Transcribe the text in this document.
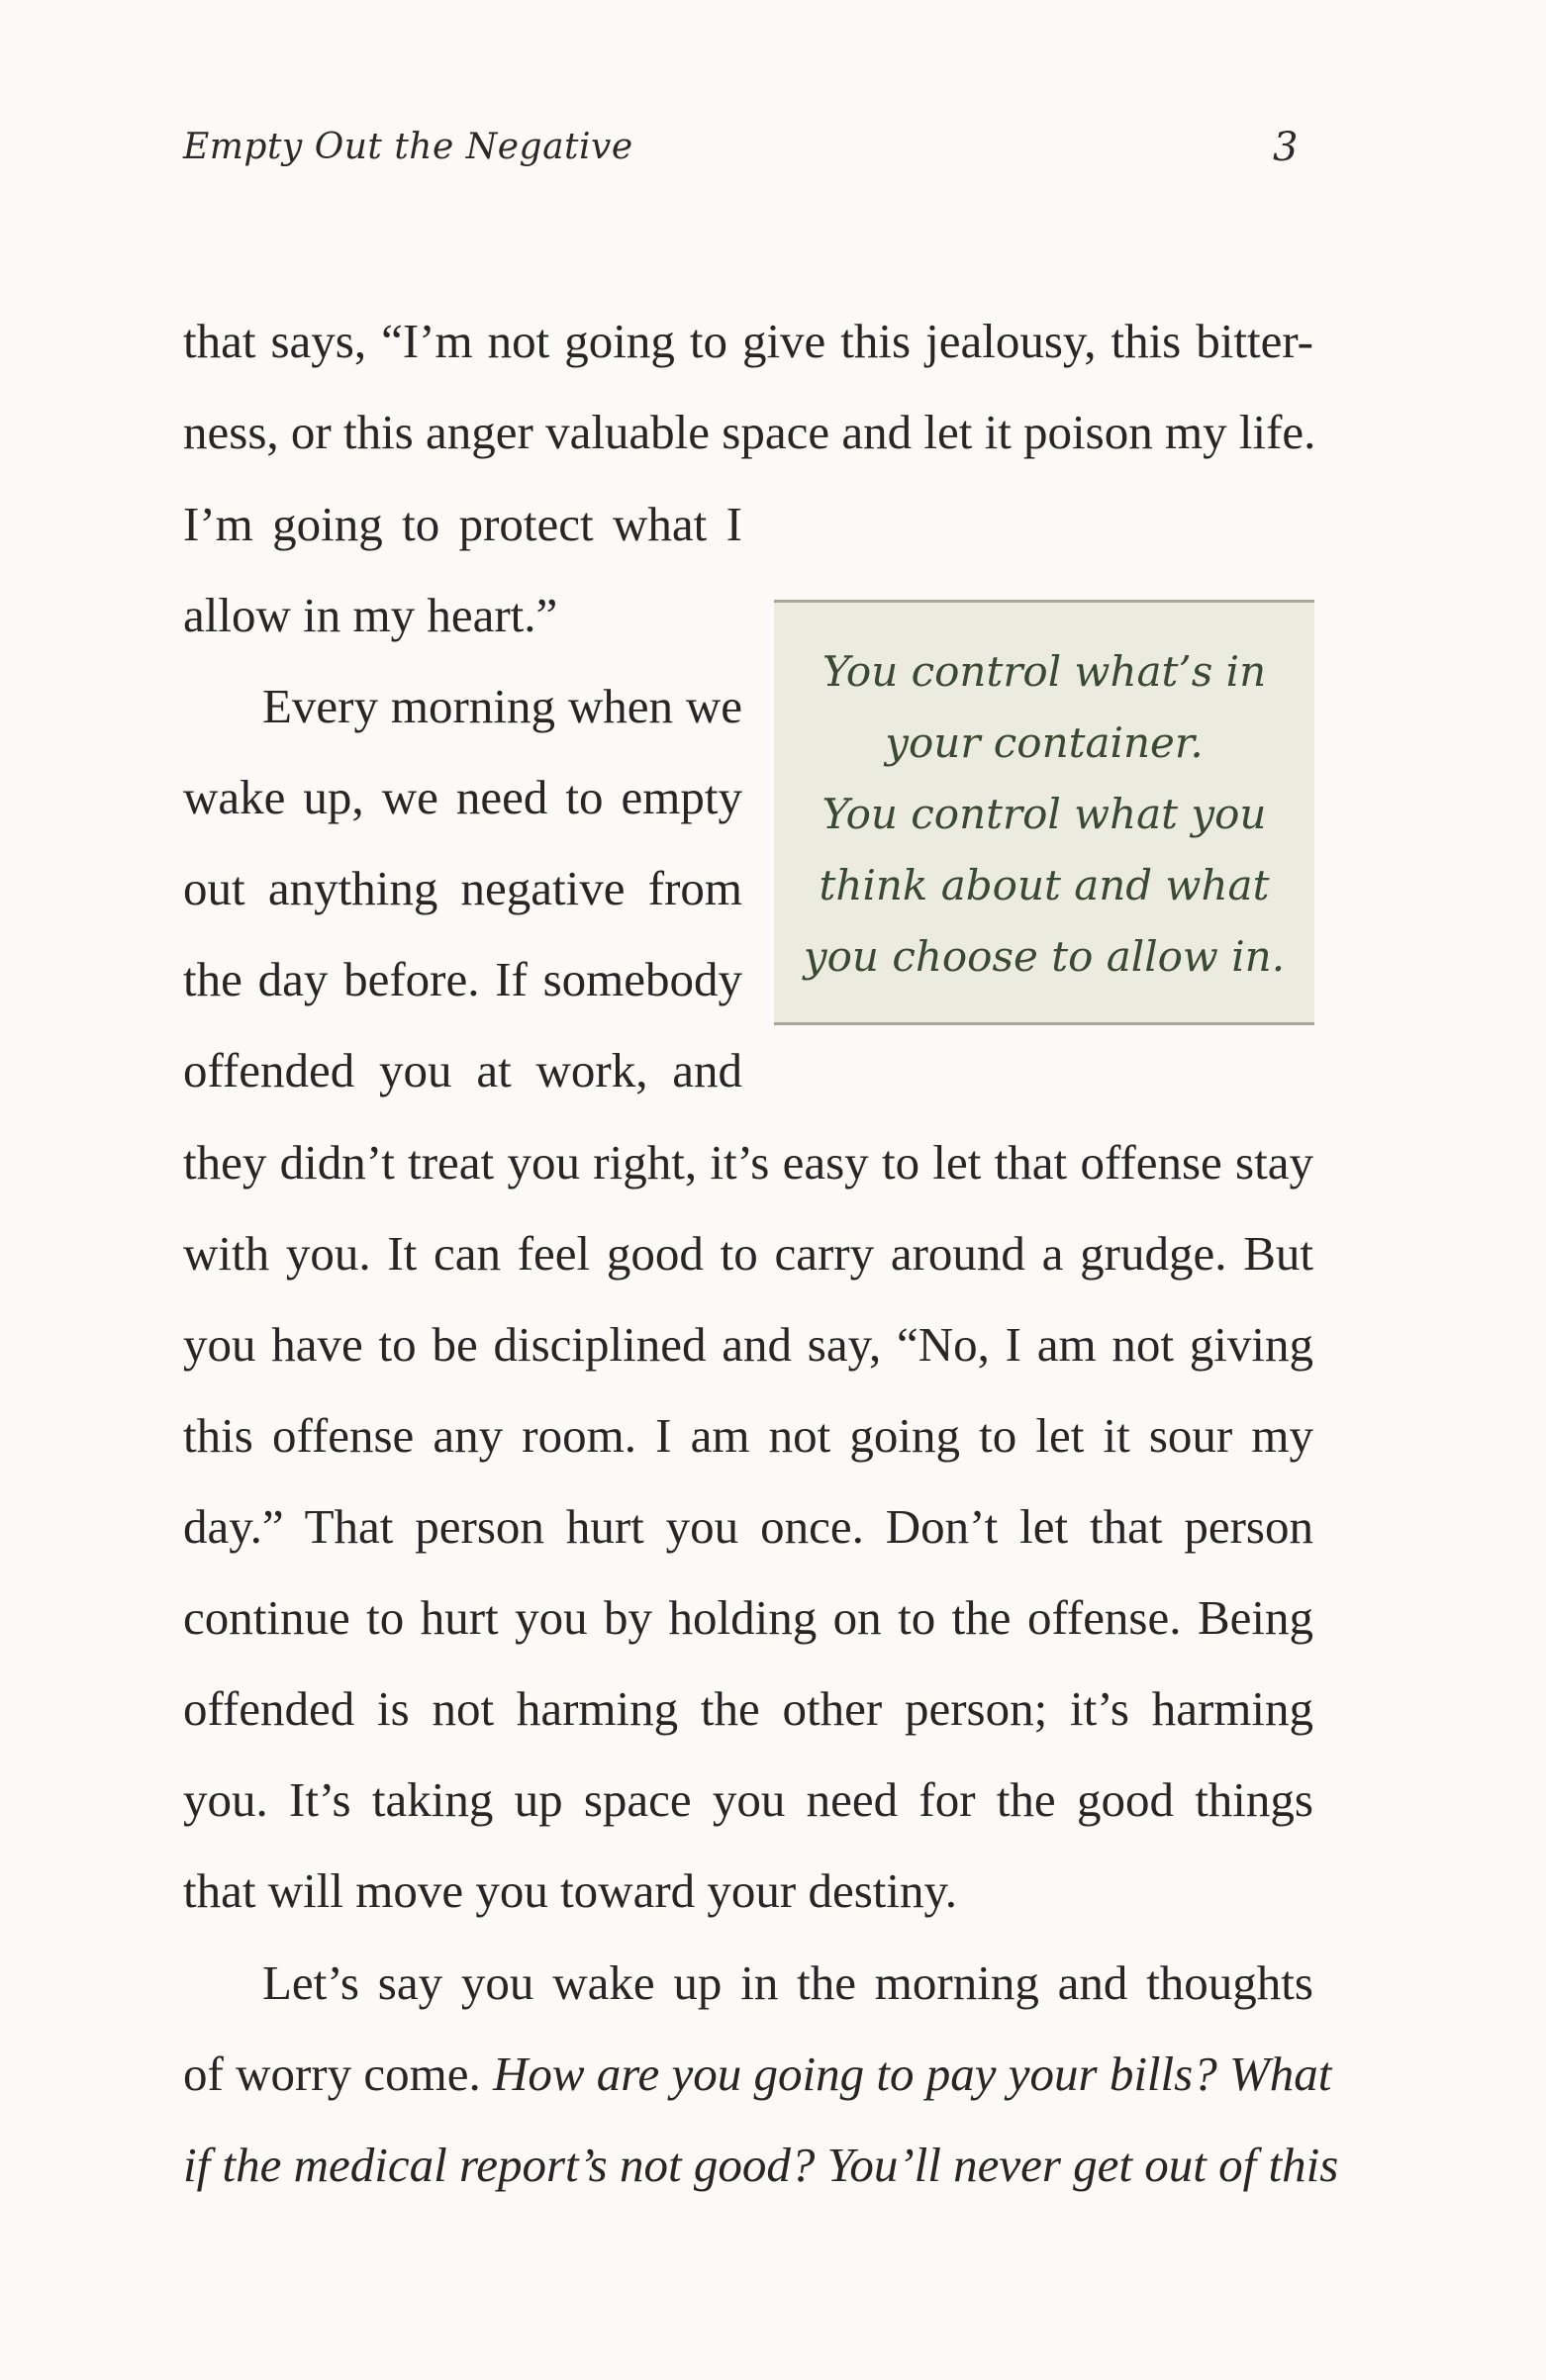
Empty Out the Negative	3
that says, “I’m not going to give this jealousy, this bitter-
ness, or this anger valuable space and let it poison my life.
I’m going to protect what I
allow in my heart.”
Every morning when we
wake up, we need to empty
out anything negative from
the day before. If somebody
offended you at work, and
they didn’t treat you right, it’s easy to let that offense stay
with you. It can feel good to carry around a grudge. But
you have to be disciplined and say, “No, I am not giving
this offense any room. I am not going to let it sour my
day.” That person hurt you once. Don’t let that person
continue to hurt you by holding on to the offense. Being
offended is not harming the other person; it’s harming
you. It’s taking up space you need for the good things
that will move you toward your destiny.
Let’s say you wake up in the morning and thoughts
of worry come. How are you going to pay your bills? What
if the medical report’s not good? You’ll never get out of this
You control what’s in
your container.
You control what you
think about and what
you choose to allow in.
